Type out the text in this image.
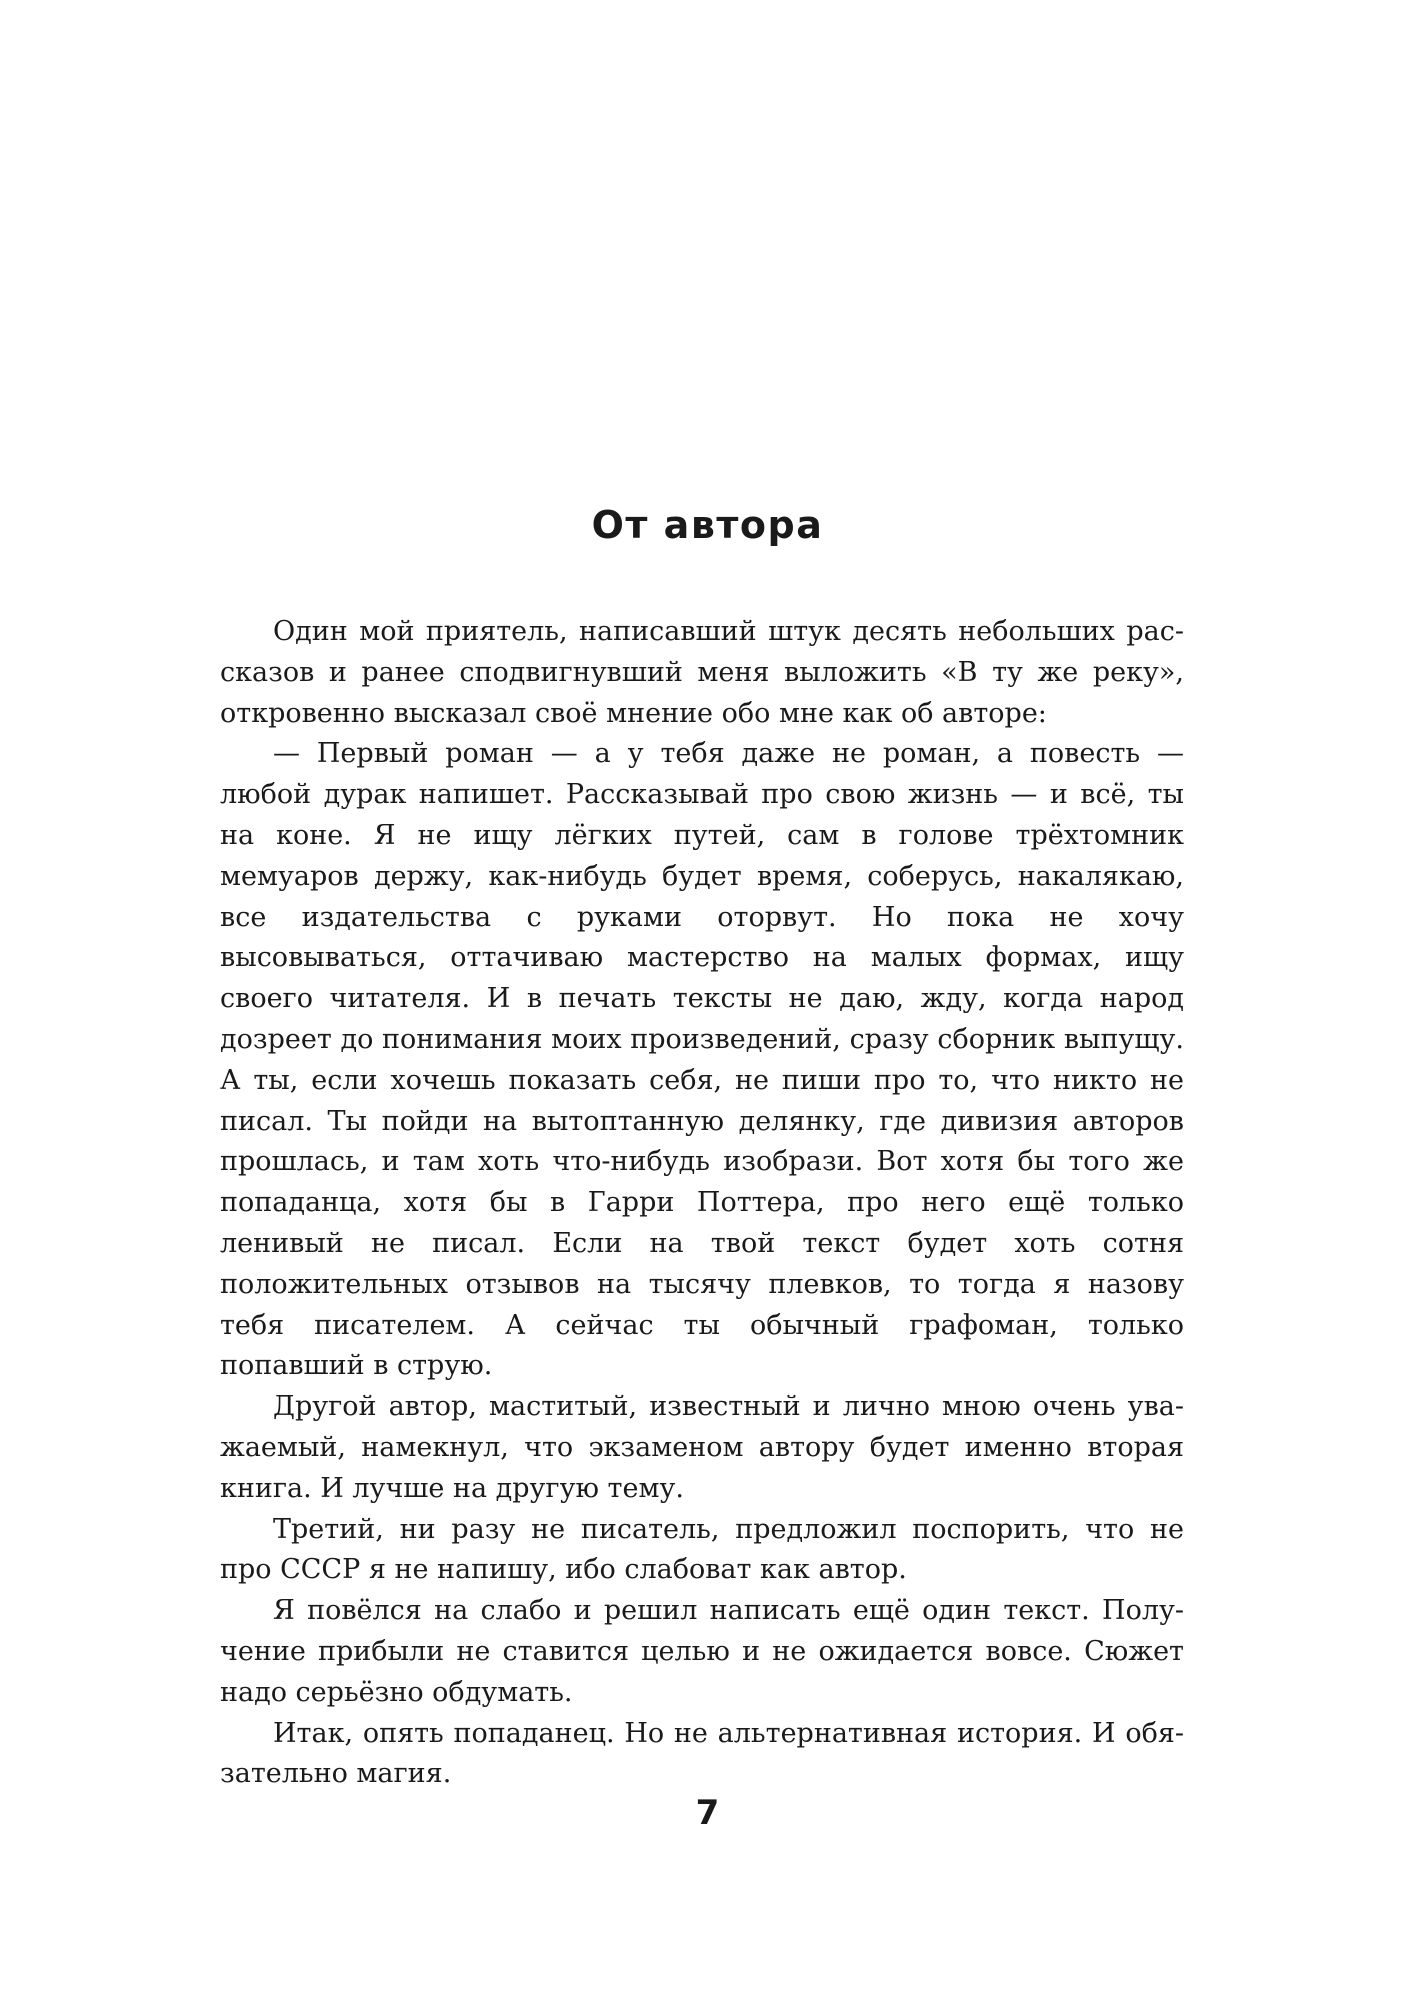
От автора

Один мой приятель, написавший штук десять небольших рассказов и ранее сподвигнувший меня выложить «В ту же реку», откровенно высказал своё мнение обо мне как об авторе:

— Первый роман — а у тебя даже не роман, а повесть — любой дурак напишет. Рассказывай про свою жизнь — и всё, ты на коне. Я не ищу лёгких путей, сам в голове трёхтомник мемуаров держу, как-нибудь будет время, соберусь, накалякаю, все издательства с руками оторвут. Но пока не хочу высовываться, оттачиваю мастерство на малых формах, ищу своего читателя. И в печать тексты не даю, жду, когда народ дозреет до понимания моих произведений, сразу сборник выпущу. А ты, если хочешь показать себя, не пиши про то, что никто не писал. Ты пойди на вытоптанную делянку, где дивизия авторов прошлась, и там хоть что-нибудь изобрази. Вот хотя бы того же попаданца, хотя бы в Гарри Поттера, про него ещё только ленивый не писал. Если на твой текст будет хоть сотня положительных отзывов на тысячу плевков, то тогда я назову тебя писателем. А сейчас ты обычный графоман, только попавший в струю.

Другой автор, маститый, известный и лично мною очень уважаемый, намекнул, что экзаменом автору будет именно вторая книга. И лучше на другую тему.

Третий, ни разу не писатель, предложил поспорить, что не про СССР я не напишу, ибо слабоват как автор.

Я повёлся на слабо и решил написать ещё один текст. Получение прибыли не ставится целью и не ожидается вовсе. Сюжет надо серьёзно обдумать.

Итак, опять попаданец. Но не альтернативная история. И обязательно магия.

7
